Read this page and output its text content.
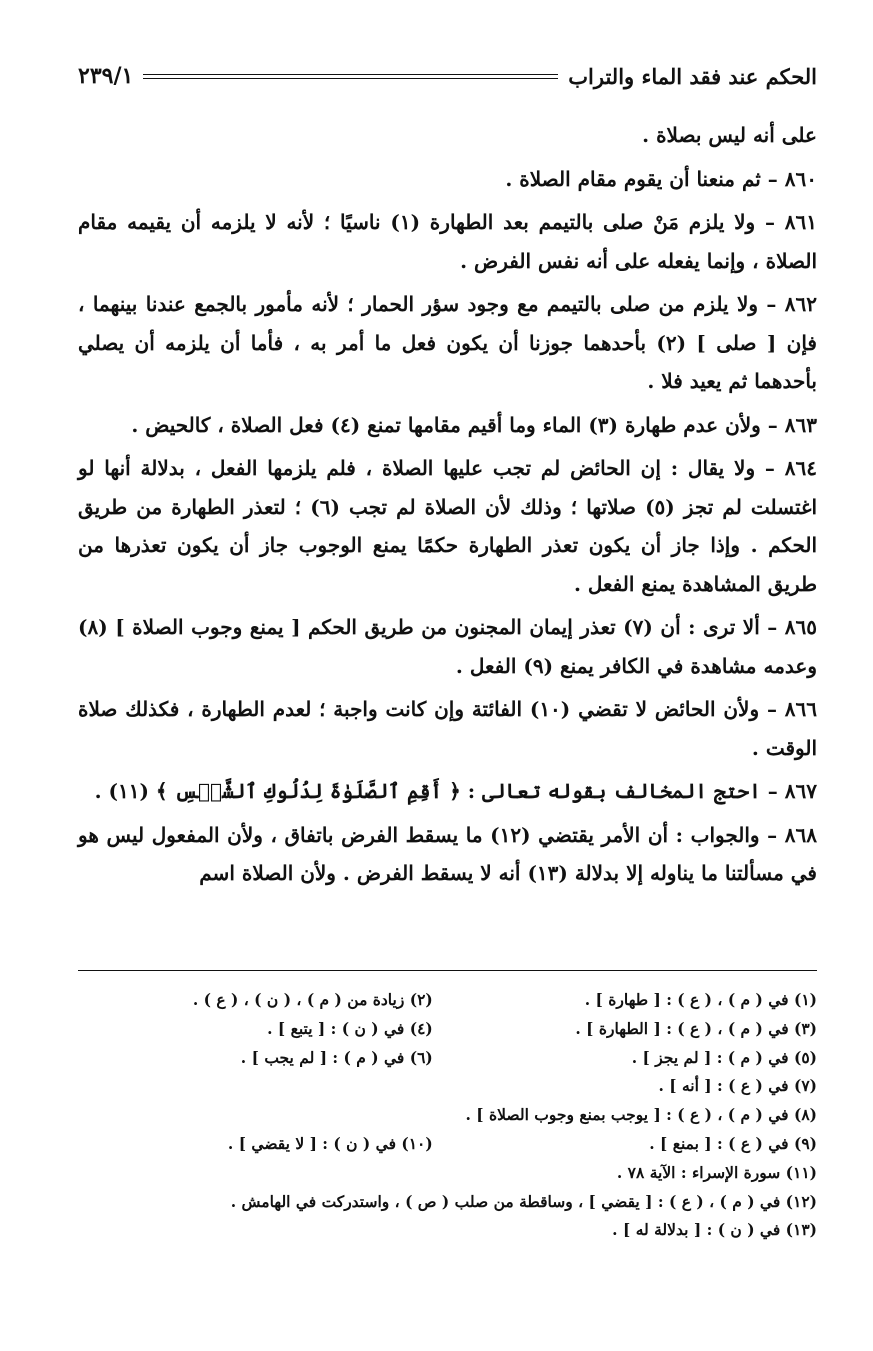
الحكم عند فقد الماء والتراب
٢٣٩/١

على أنه ليس بصلاة .

٨٦٠ – ثم منعنا أن يقوم مقام الصلاة .

٨٦١ – ولا يلزم مَنْ صلى بالتيمم بعد الطهارة (١) ناسيًا ؛ لأنه لا يلزمه أن يقيمه مقام الصلاة ، وإنما يفعله على أنه نفس الفرض .

٨٦٢ – ولا يلزم من صلى بالتيمم مع وجود سؤر الحمار ؛ لأنه مأمور بالجمع عندنا بينهما ، فإن [ صلى ] (٢) بأحدهما جوزنا أن يكون فعل ما أمر به ، فأما أن يلزمه أن يصلي بأحدهما ثم يعيد فلا .

٨٦٣ – ولأن عدم طهارة (٣) الماء وما أقيم مقامها تمنع (٤) فعل الصلاة ، كالحيض .

٨٦٤ – ولا يقال : إن الحائض لم تجب عليها الصلاة ، فلم يلزمها الفعل ، بدلالة أنها لو اغتسلت لم تجز (٥) صلاتها ؛ وذلك لأن الصلاة لم تجب (٦) ؛ لتعذر الطهارة من طريق الحكم . وإذا جاز أن يكون تعذر الطهارة حكمًا يمنع الوجوب جاز أن يكون تعذرها من طريق المشاهدة يمنع الفعل .

٨٦٥ – ألا ترى : أن (٧) تعذر إيمان المجنون من طريق الحكم [ يمنع وجوب الصلاة ] (٨) وعدمه مشاهدة في الكافر يمنع (٩) الفعل .

٨٦٦ – ولأن الحائض لا تقضي (١٠) الفائتة وإن كانت واجبة ؛ لعدم الطهارة ، فكذلك صلاة الوقت .

٨٦٧ – احتج المخالف بقوله تعالى : ﴿ أَقِمِ ٱلصَّلَوٰةَ لِدُلُوكِ ٱلشَّمۡسِ ﴾ (١١) .

٨٦٨ – والجواب : أن الأمر يقتضي (١٢) ما يسقط الفرض باتفاق ، ولأن المفعول ليس هو في مسألتنا ما يناوله إلا بدلالة (١٣) أنه لا يسقط الفرض . ولأن الصلاة اسم

(١) في ( م ) ، ( ع ) : [ طهارة ] .
(٢) زيادة من ( م ) ، ( ن ) ، ( ع ) .
(٣) في ( م ) ، ( ع ) : [ الطهارة ] .
(٤) في ( ن ) : [ يتبع ] .
(٥) في ( م ) : [ لم يجز ] .
(٦) في ( م ) : [ لم يجب ] .
(٧) في ( ع ) : [ أنه ] .
(٨) في ( م ) ، ( ع ) : [ يوجب بمنع وجوب الصلاة ] .
(٩) في ( ع ) : [ بمنع ] .
(١٠) في ( ن ) : [ لا يقضي ] .
(١١) سورة الإسراء : الآية ٧٨ .
(١٢) في ( م ) ، ( ع ) : [ يقضي ] ، وساقطة من صلب ( ص ) ، واستدركت في الهامش .
(١٣) في ( ن ) : [ بدلالة له ] .
